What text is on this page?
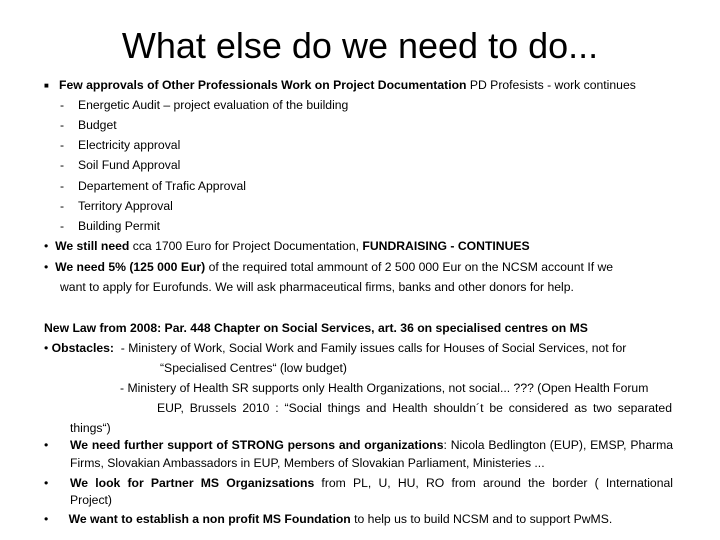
What else do we need to do...
■ Few approvals of Other Professionals Work on Project Documentation PD Profesists - work continues
- Energetic Audit – project evaluation of the building
- Budget
- Electricity approval
- Soil Fund Approval
- Departement of Trafic Approval
- Territory Approval
- Building Permit
• We still need cca 1700 Euro for Project Documentation, FUNDRAISING - CONTINUES
• We need 5% (125 000 Eur) of the required total ammount of 2 500 000 Eur on the NCSM account If we
want to apply for Eurofunds. We will ask pharmaceutical firms, banks and other donors for help.
New Law from 2008: Par. 448 Chapter on Social Services, art. 36 on specialised centres on MS
• Obstacles: - Ministery of Work, Social Work and Family issues calls for Houses of Social Services, not for
“Specialised Centres“ (low budget)
- Ministery of Health SR supports only Health Organizations, not social... ??? (Open Health Forum
EUP, Brussels 2010 : “Social things and Health shouldn´t be considered as two separated
things“)
• We need further support of STRONG persons and organizations: Nicola Bedlington (EUP), EMSP, Pharma
Firms, Slovakian Ambassadors in EUP, Members of Slovakian Parliament, Ministeries ...
• We look for Partner MS Organizsations from PL, U, HU, RO from around the border ( International
Project)
• We want to establish a non profit MS Foundation to help us to build NCSM and to support PwMS.
